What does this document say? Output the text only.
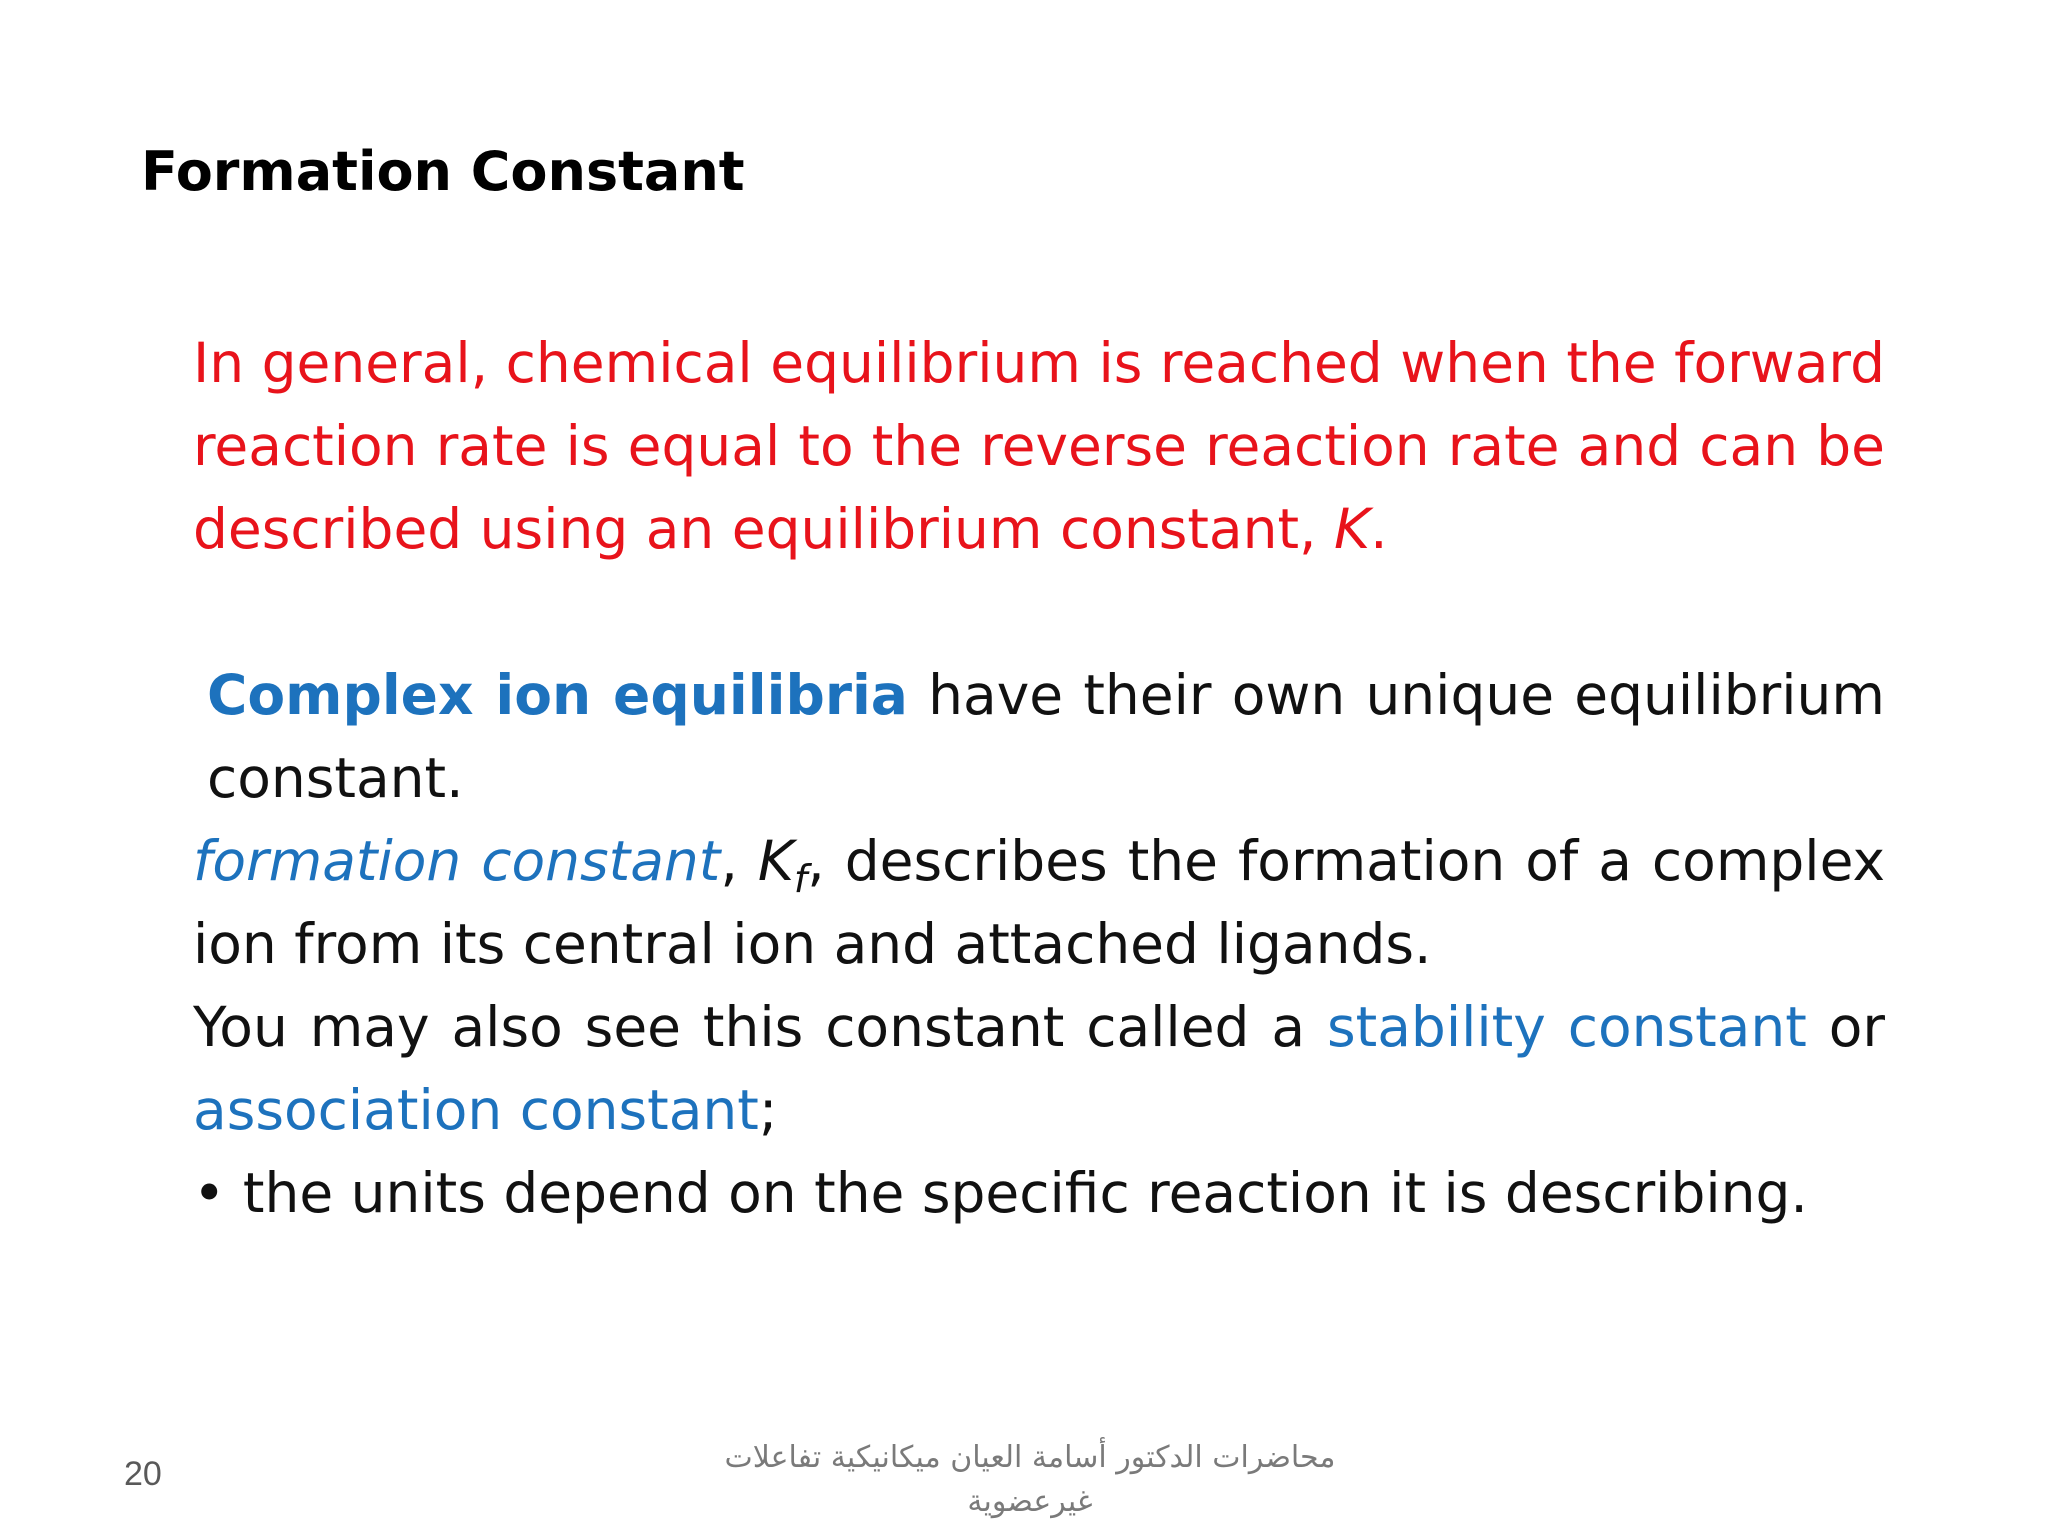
Formation Constant

In general, chemical equilibrium is reached when the forward reaction rate is equal to the reverse reaction rate and can be described using an equilibrium constant, K.

Complex ion equilibria have their own unique equilibrium constant.

formation constant, $K_f$, describes the formation of a complex ion from its central ion and attached ligands.

You may also see this constant called a stability constant or association constant;

• the units depend on the specific reaction it is describing.

20	محاضرات الدكتور أسامة العيان ميكانيكية تفاعلات
غيرعضوية
